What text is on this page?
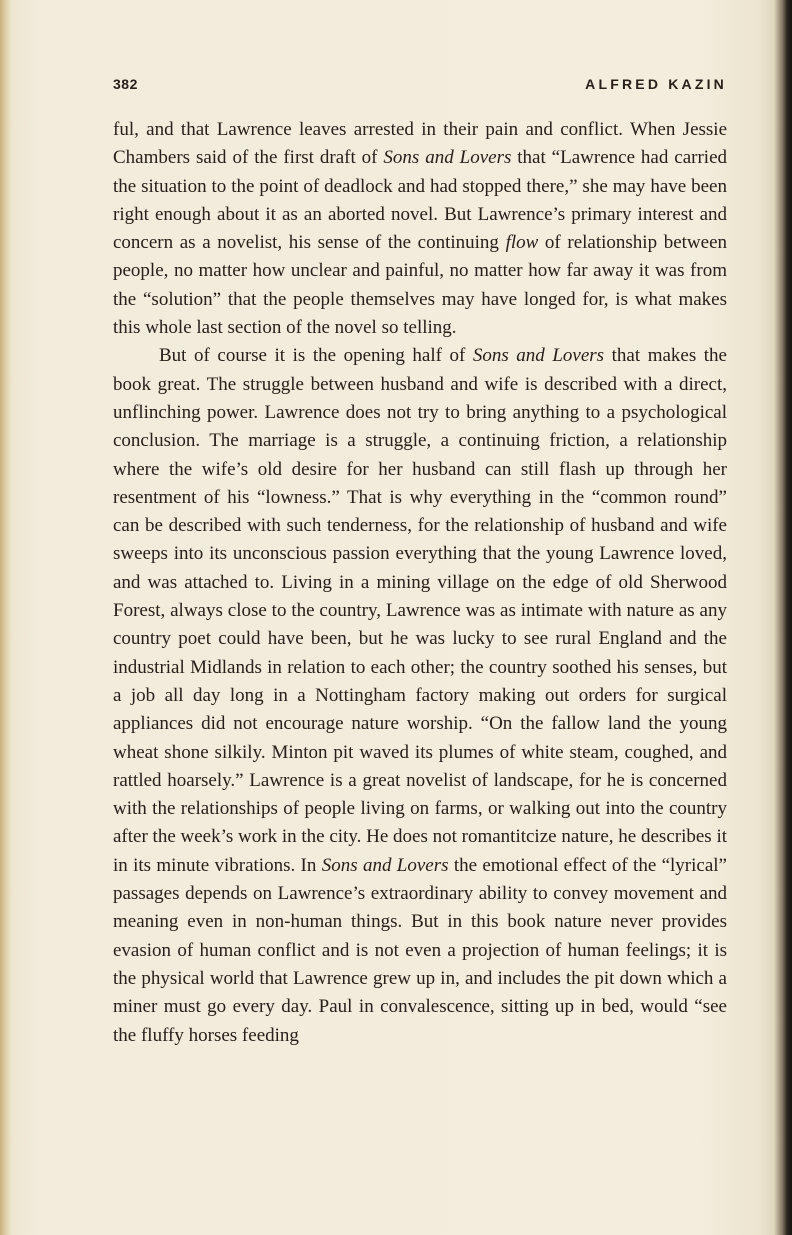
382	ALFRED KAZIN

ful, and that Lawrence leaves arrested in their pain and conflict. When Jessie Chambers said of the first draft of Sons and Lovers that “Lawrence had carried the situation to the point of deadlock and had stopped there,” she may have been right enough about it as an aborted novel. But Lawrence’s primary interest and concern as a novelist, his sense of the continuing flow of relationship between people, no matter how unclear and painful, no matter how far away it was from the “solution” that the people themselves may have longed for, is what makes this whole last section of the novel so telling.

But of course it is the opening half of Sons and Lovers that makes the book great. The struggle between husband and wife is described with a direct, unflinching power. Lawrence does not try to bring anything to a psychological conclusion. The marriage is a struggle, a continuing friction, a relationship where the wife’s old desire for her husband can still flash up through her resentment of his “lowness.” That is why everything in the “common round” can be described with such tenderness, for the relationship of husband and wife sweeps into its unconscious passion everything that the young Lawrence loved, and was attached to. Living in a mining village on the edge of old Sherwood Forest, always close to the country, Lawrence was as intimate with nature as any country poet could have been, but he was lucky to see rural England and the industrial Midlands in relation to each other; the country soothed his senses, but a job all day long in a Nottingham factory making out orders for surgical appliances did not encourage nature worship. “On the fallow land the young wheat shone silkily. Minton pit waved its plumes of white steam, coughed, and rattled hoarsely.” Lawrence is a great novelist of landscape, for he is concerned with the relationships of people living on farms, or walking out into the country after the week’s work in the city. He does not romantitcize nature, he describes it in its minute vibrations. In Sons and Lovers the emotional effect of the “lyrical” passages depends on Lawrence’s extraordinary ability to convey movement and meaning even in non-human things. But in this book nature never provides evasion of human conflict and is not even a projection of human feelings; it is the physical world that Lawrence grew up in, and includes the pit down which a miner must go every day. Paul in convalescence, sitting up in bed, would “see the fluffy horses feeding
